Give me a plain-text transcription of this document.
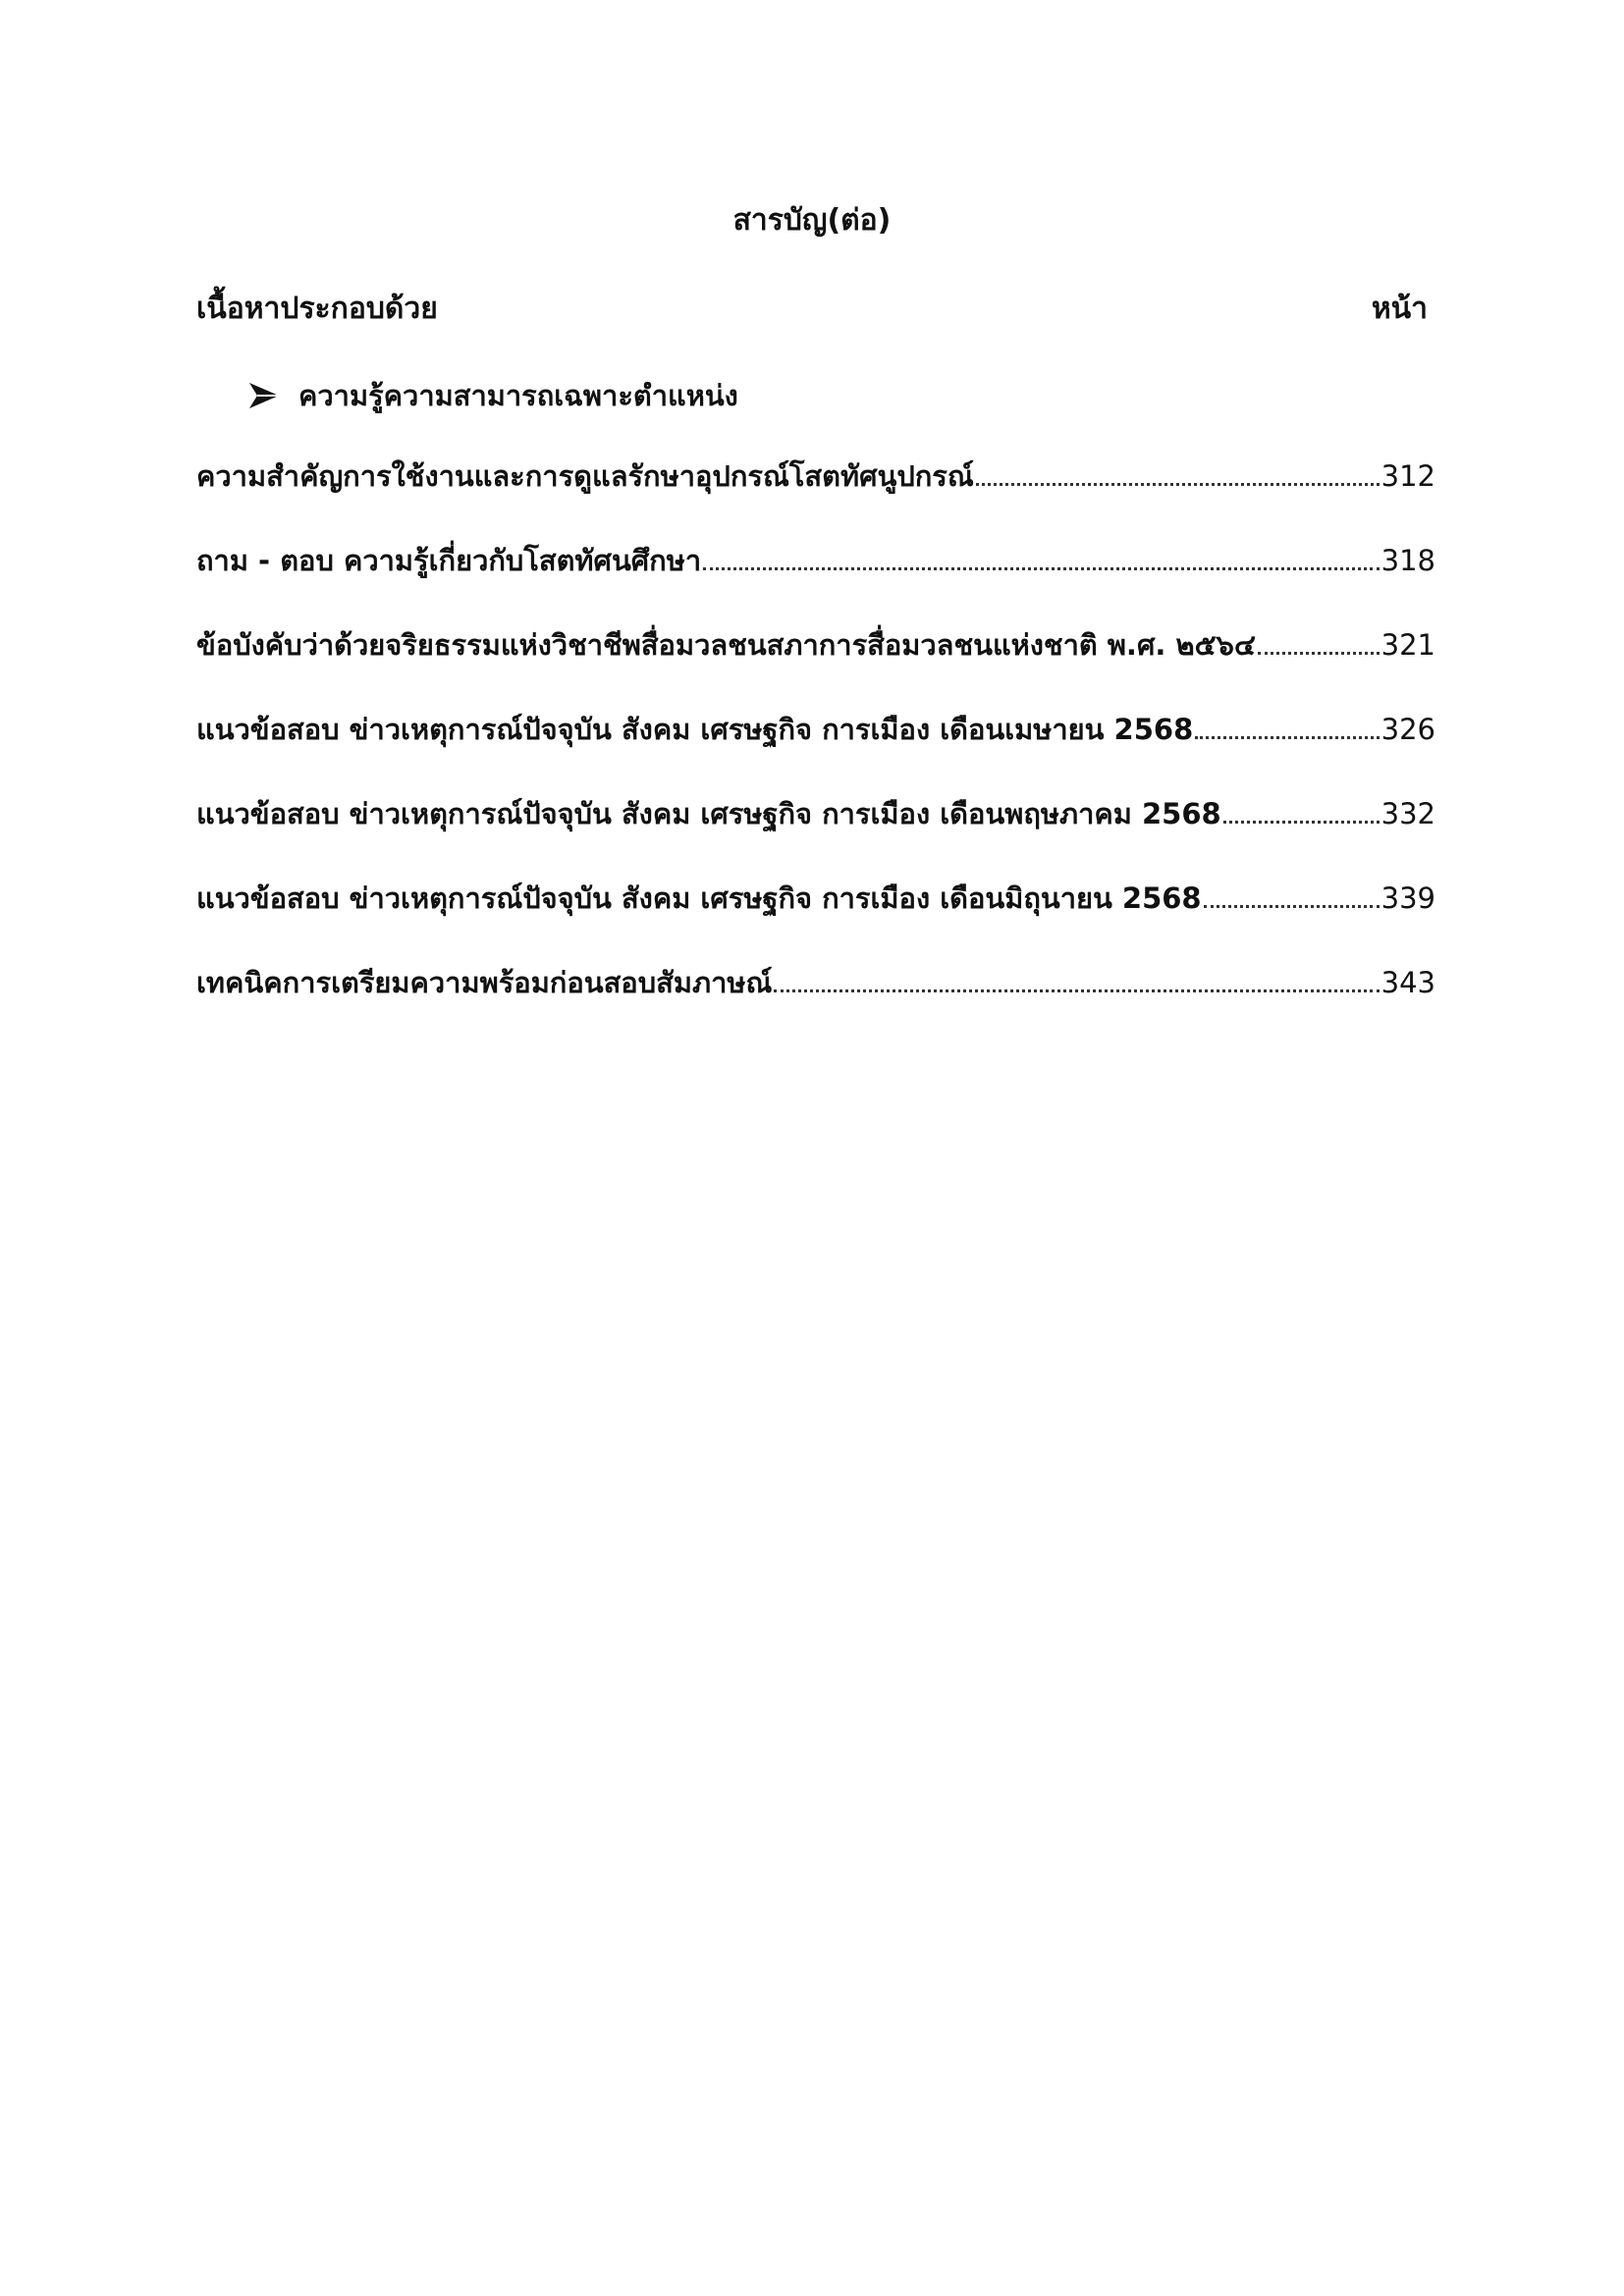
สารบัญ(ต่อ)
เนื้อหาประกอบด้วย	หน้า
ความรู้ความสามารถเฉพาะตำแหน่ง
ความสำคัญการใช้งานและการดูแลรักษาอุปกรณ์โสตทัศนูปกรณ์	312
ถาม - ตอบ ความรู้เกี่ยวกับโสตทัศนศึกษา	318
ข้อบังคับว่าด้วยจริยธรรมแห่งวิชาชีพสื่อมวลชนสภาการสื่อมวลชนแห่งชาติ พ.ศ. ๒๕๖๔	321
แนวข้อสอบ ข่าวเหตุการณ์ปัจจุบัน สังคม เศรษฐกิจ การเมือง เดือนเมษายน 2568	326
แนวข้อสอบ ข่าวเหตุการณ์ปัจจุบัน สังคม เศรษฐกิจ การเมือง เดือนพฤษภาคม 2568	332
แนวข้อสอบ ข่าวเหตุการณ์ปัจจุบัน สังคม เศรษฐกิจ การเมือง เดือนมิถุนายน 2568	339
เทคนิคการเตรียมความพร้อมก่อนสอบสัมภาษณ์	343
